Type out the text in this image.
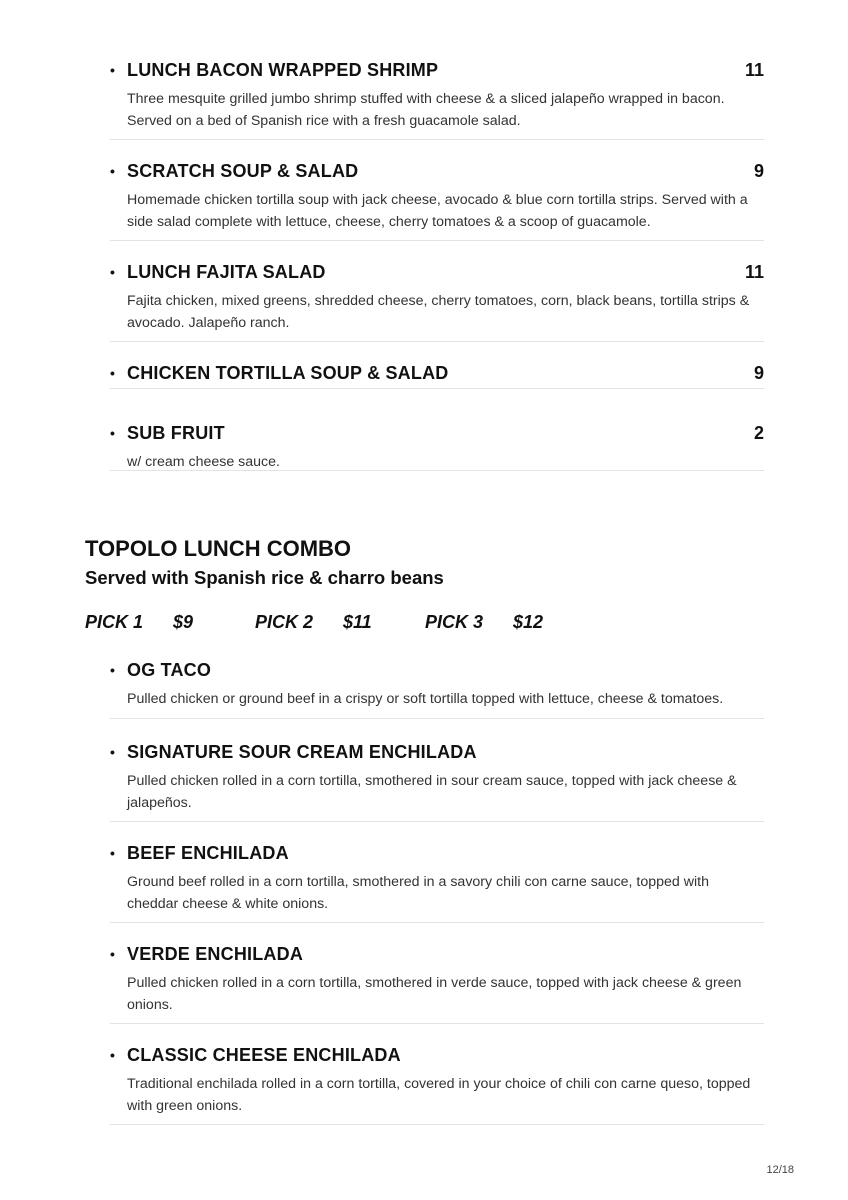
• LUNCH BACON WRAPPED SHRIMP	11
Three mesquite grilled jumbo shrimp stuffed with cheese & a sliced jalapeño wrapped in bacon. Served on a bed of Spanish rice with a fresh guacamole salad.
• SCRATCH SOUP & SALAD	9
Homemade chicken tortilla soup with jack cheese, avocado & blue corn tortilla strips. Served with a side salad complete with lettuce, cheese, cherry tomatoes & a scoop of guacamole.
• LUNCH FAJITA SALAD	11
Fajita chicken, mixed greens, shredded cheese, cherry tomatoes, corn, black beans, tortilla strips & avocado. Jalapeño ranch.
• CHICKEN TORTILLA SOUP & SALAD	9
• SUB FRUIT	2
w/ cream cheese sauce.
TOPOLO LUNCH COMBO
Served with Spanish rice & charro beans
PICK 1 $9	PICK 2 $11	PICK 3 $12
• OG TACO
Pulled chicken or ground beef in a crispy or soft tortilla topped with lettuce, cheese & tomatoes.
• SIGNATURE SOUR CREAM ENCHILADA
Pulled chicken rolled in a corn tortilla, smothered in sour cream sauce, topped with jack cheese & jalapeños.
• BEEF ENCHILADA
Ground beef rolled in a corn tortilla, smothered in a savory chili con carne sauce, topped with cheddar cheese & white onions.
• VERDE ENCHILADA
Pulled chicken rolled in a corn tortilla, smothered in verde sauce, topped with jack cheese & green onions.
• CLASSIC CHEESE ENCHILADA
Traditional enchilada rolled in a corn tortilla, covered in your choice of chili con carne queso, topped with green onions.
12/18
